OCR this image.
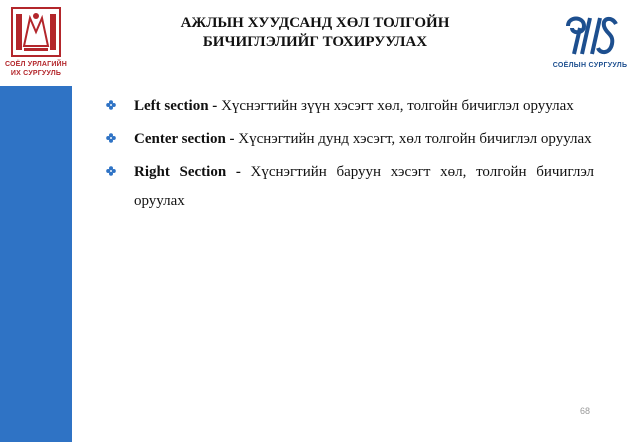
СОЁЛ УРЛАГИЙН
ИХ СУРГУУЛЬ
АЖЛЫН ХУУДСАНД ХӨЛ ТОЛГОЙН
БИЧИГЛЭЛИЙГ ТОХИРУУЛАХ
СОЁЛЫН СУРГУУЛЬ
Left section - Хүснэгтийн зүүн хэсэгт хөл, толгойн бичиглэл оруулах
Center section - Хүснэгтийн дунд хэсэгт, хөл толгойн бичиглэл оруулах
Right Section - Хүснэгтийн баруун хэсэгт хөл, толгойн бичиглэл оруулах
68
